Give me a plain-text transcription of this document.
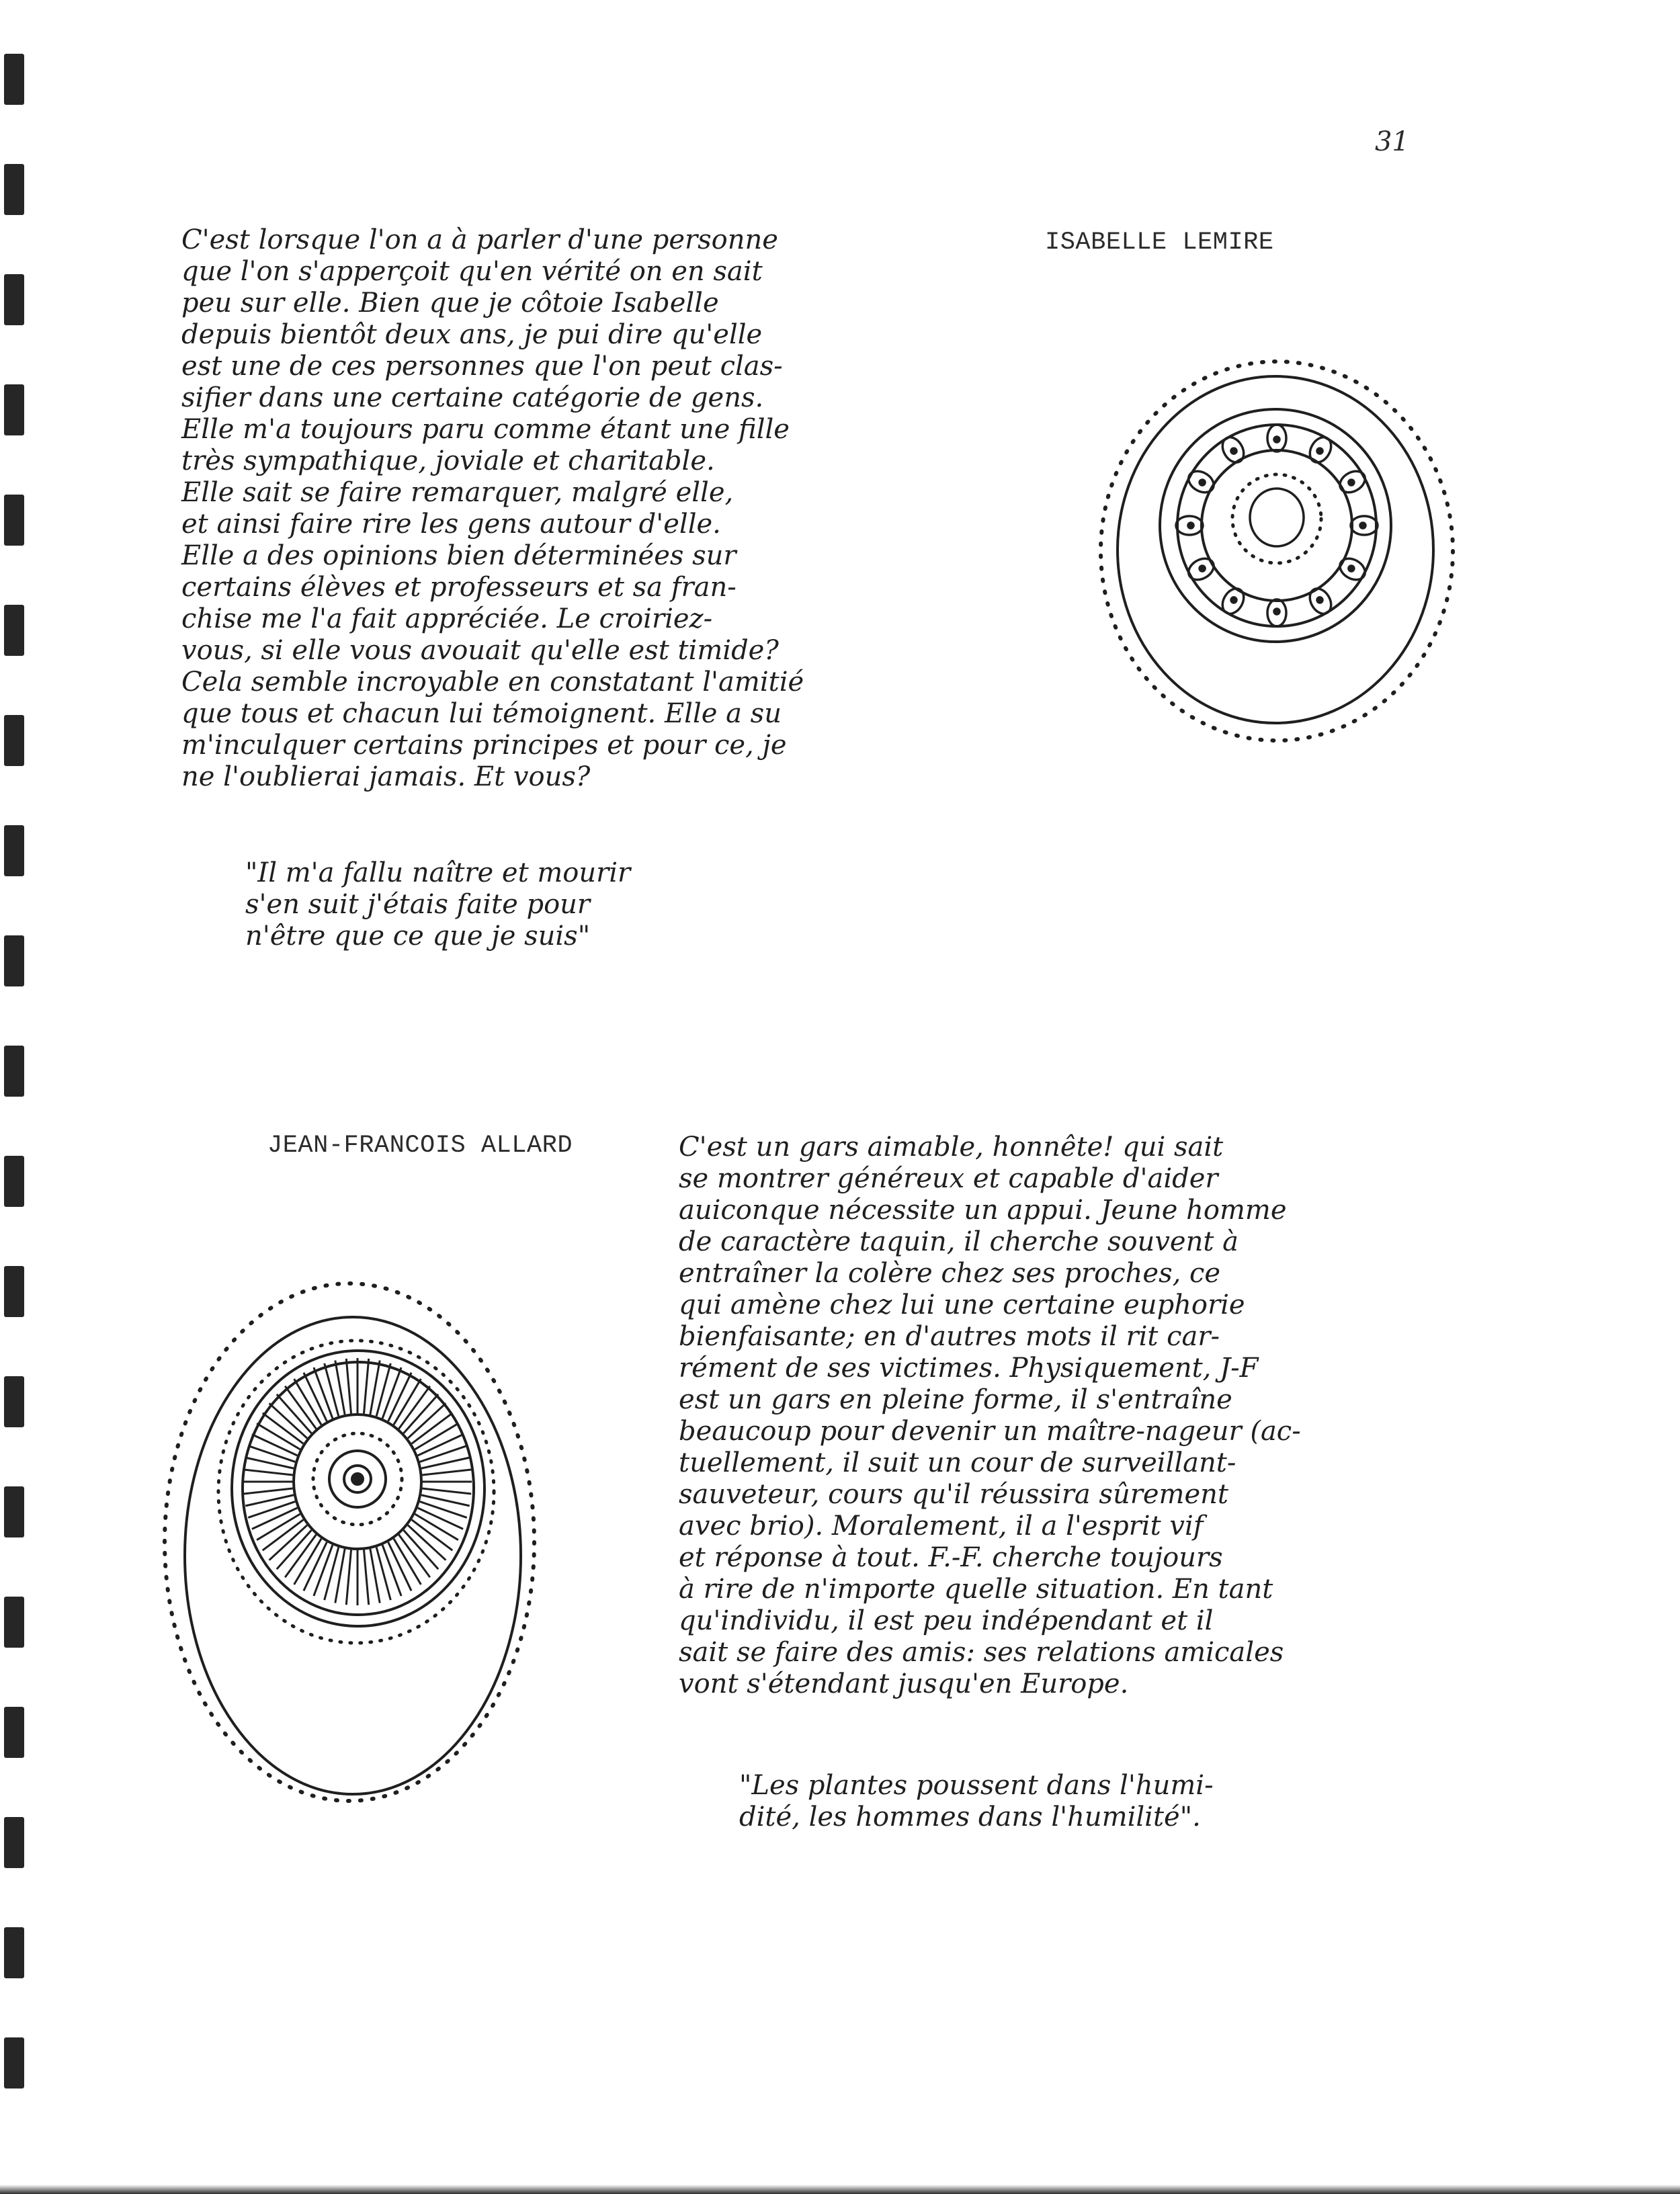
31
ISABELLE LEMIRE
C'est lorsque l'on a à parler d'une personne
que l'on s'apperçoit qu'en vérité on en sait
peu sur elle. Bien que je côtoie Isabelle
depuis bientôt deux ans, je pui dire qu'elle
est une de ces personnes que l'on peut clas-
sifier dans une certaine catégorie de gens.
Elle m'a toujours paru comme étant une fille
très sympathique, joviale et charitable.
Elle sait se faire remarquer, malgré elle,
et ainsi faire rire les gens autour d'elle.
Elle a des opinions bien déterminées sur
certains élèves et professeurs et sa fran-
chise me l'a fait appréciée. Le croiriez-
vous, si elle vous avouait qu'elle est timide?
Cela semble incroyable en constatant l'amitié
que tous et chacun lui témoignent. Elle a su
m'inculquer certains principes et pour ce, je
ne l'oublierai jamais. Et vous?
"Il m'a fallu naître et mourir
s'en suit j'étais faite pour
n'être que ce que je suis"
JEAN-FRANCOIS ALLARD	C'est un gars aimable, honnête! qui sait
se montrer généreux et capable d'aider
auiconque nécessite un appui. Jeune homme
de caractère taquin, il cherche souvent à
entraîner la colère chez ses proches, ce
qui amène chez lui une certaine euphorie
bienfaisante; en d'autres mots il rit car-
rément de ses victimes. Physiquement, J-F
est un gars en pleine forme, il s'entraîne
beaucoup pour devenir un maître-nageur (ac-
tuellement, il suit un cour de surveillant-
sauveteur, cours qu'il réussira sûrement
avec brio). Moralement, il a l'esprit vif
et réponse à tout. F.-F. cherche toujours
à rire de n'importe quelle situation. En tant
qu'individu, il est peu indépendant et il
sait se faire des amis: ses relations amicales
vont s'étendant jusqu'en Europe.
"Les plantes poussent dans l'humi-
dité, les hommes dans l'humilité".
